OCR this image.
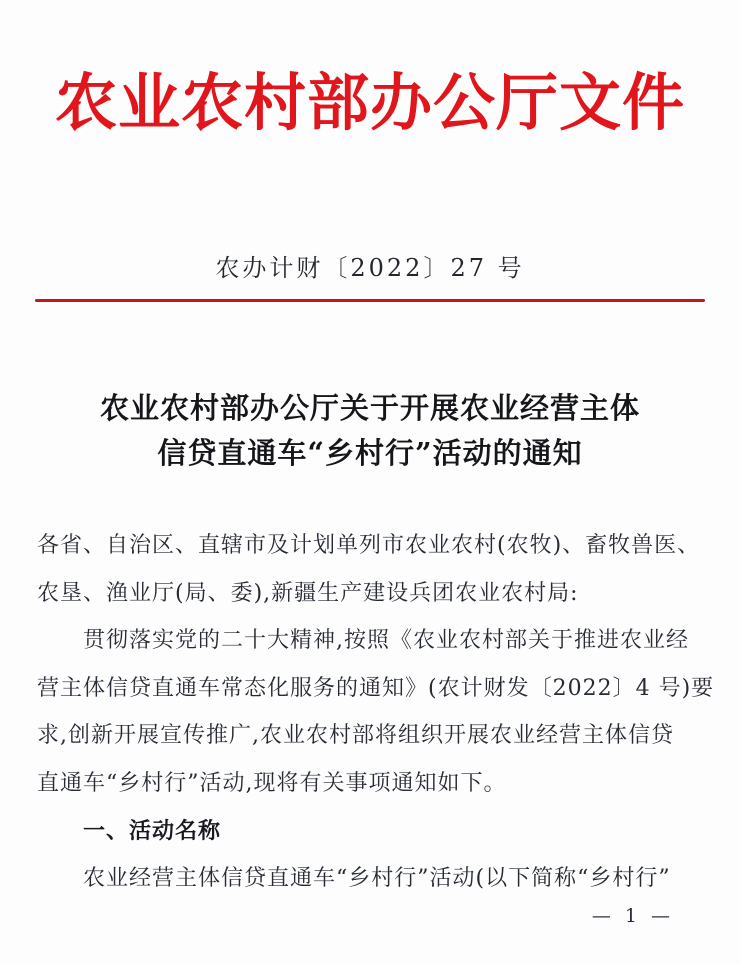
农业农村部办公厅文件
农办计财〔2022〕27 号
农业农村部办公厅关于开展农业经营主体
信贷直通车“乡村行”活动的通知
各省、自治区、直辖市及计划单列市农业农村(农牧)、畜牧兽医、
农垦、渔业厅(局、委),新疆生产建设兵团农业农村局:
贯彻落实党的二十大精神,按照《农业农村部关于推进农业经
营主体信贷直通车常态化服务的通知》(农计财发〔2022〕4 号)要
求,创新开展宣传推广,农业农村部将组织开展农业经营主体信贷
直通车“乡村行”活动,现将有关事项通知如下。
一、活动名称
农业经营主体信贷直通车“乡村行”活动(以下简称“乡村行”
— 1 —
